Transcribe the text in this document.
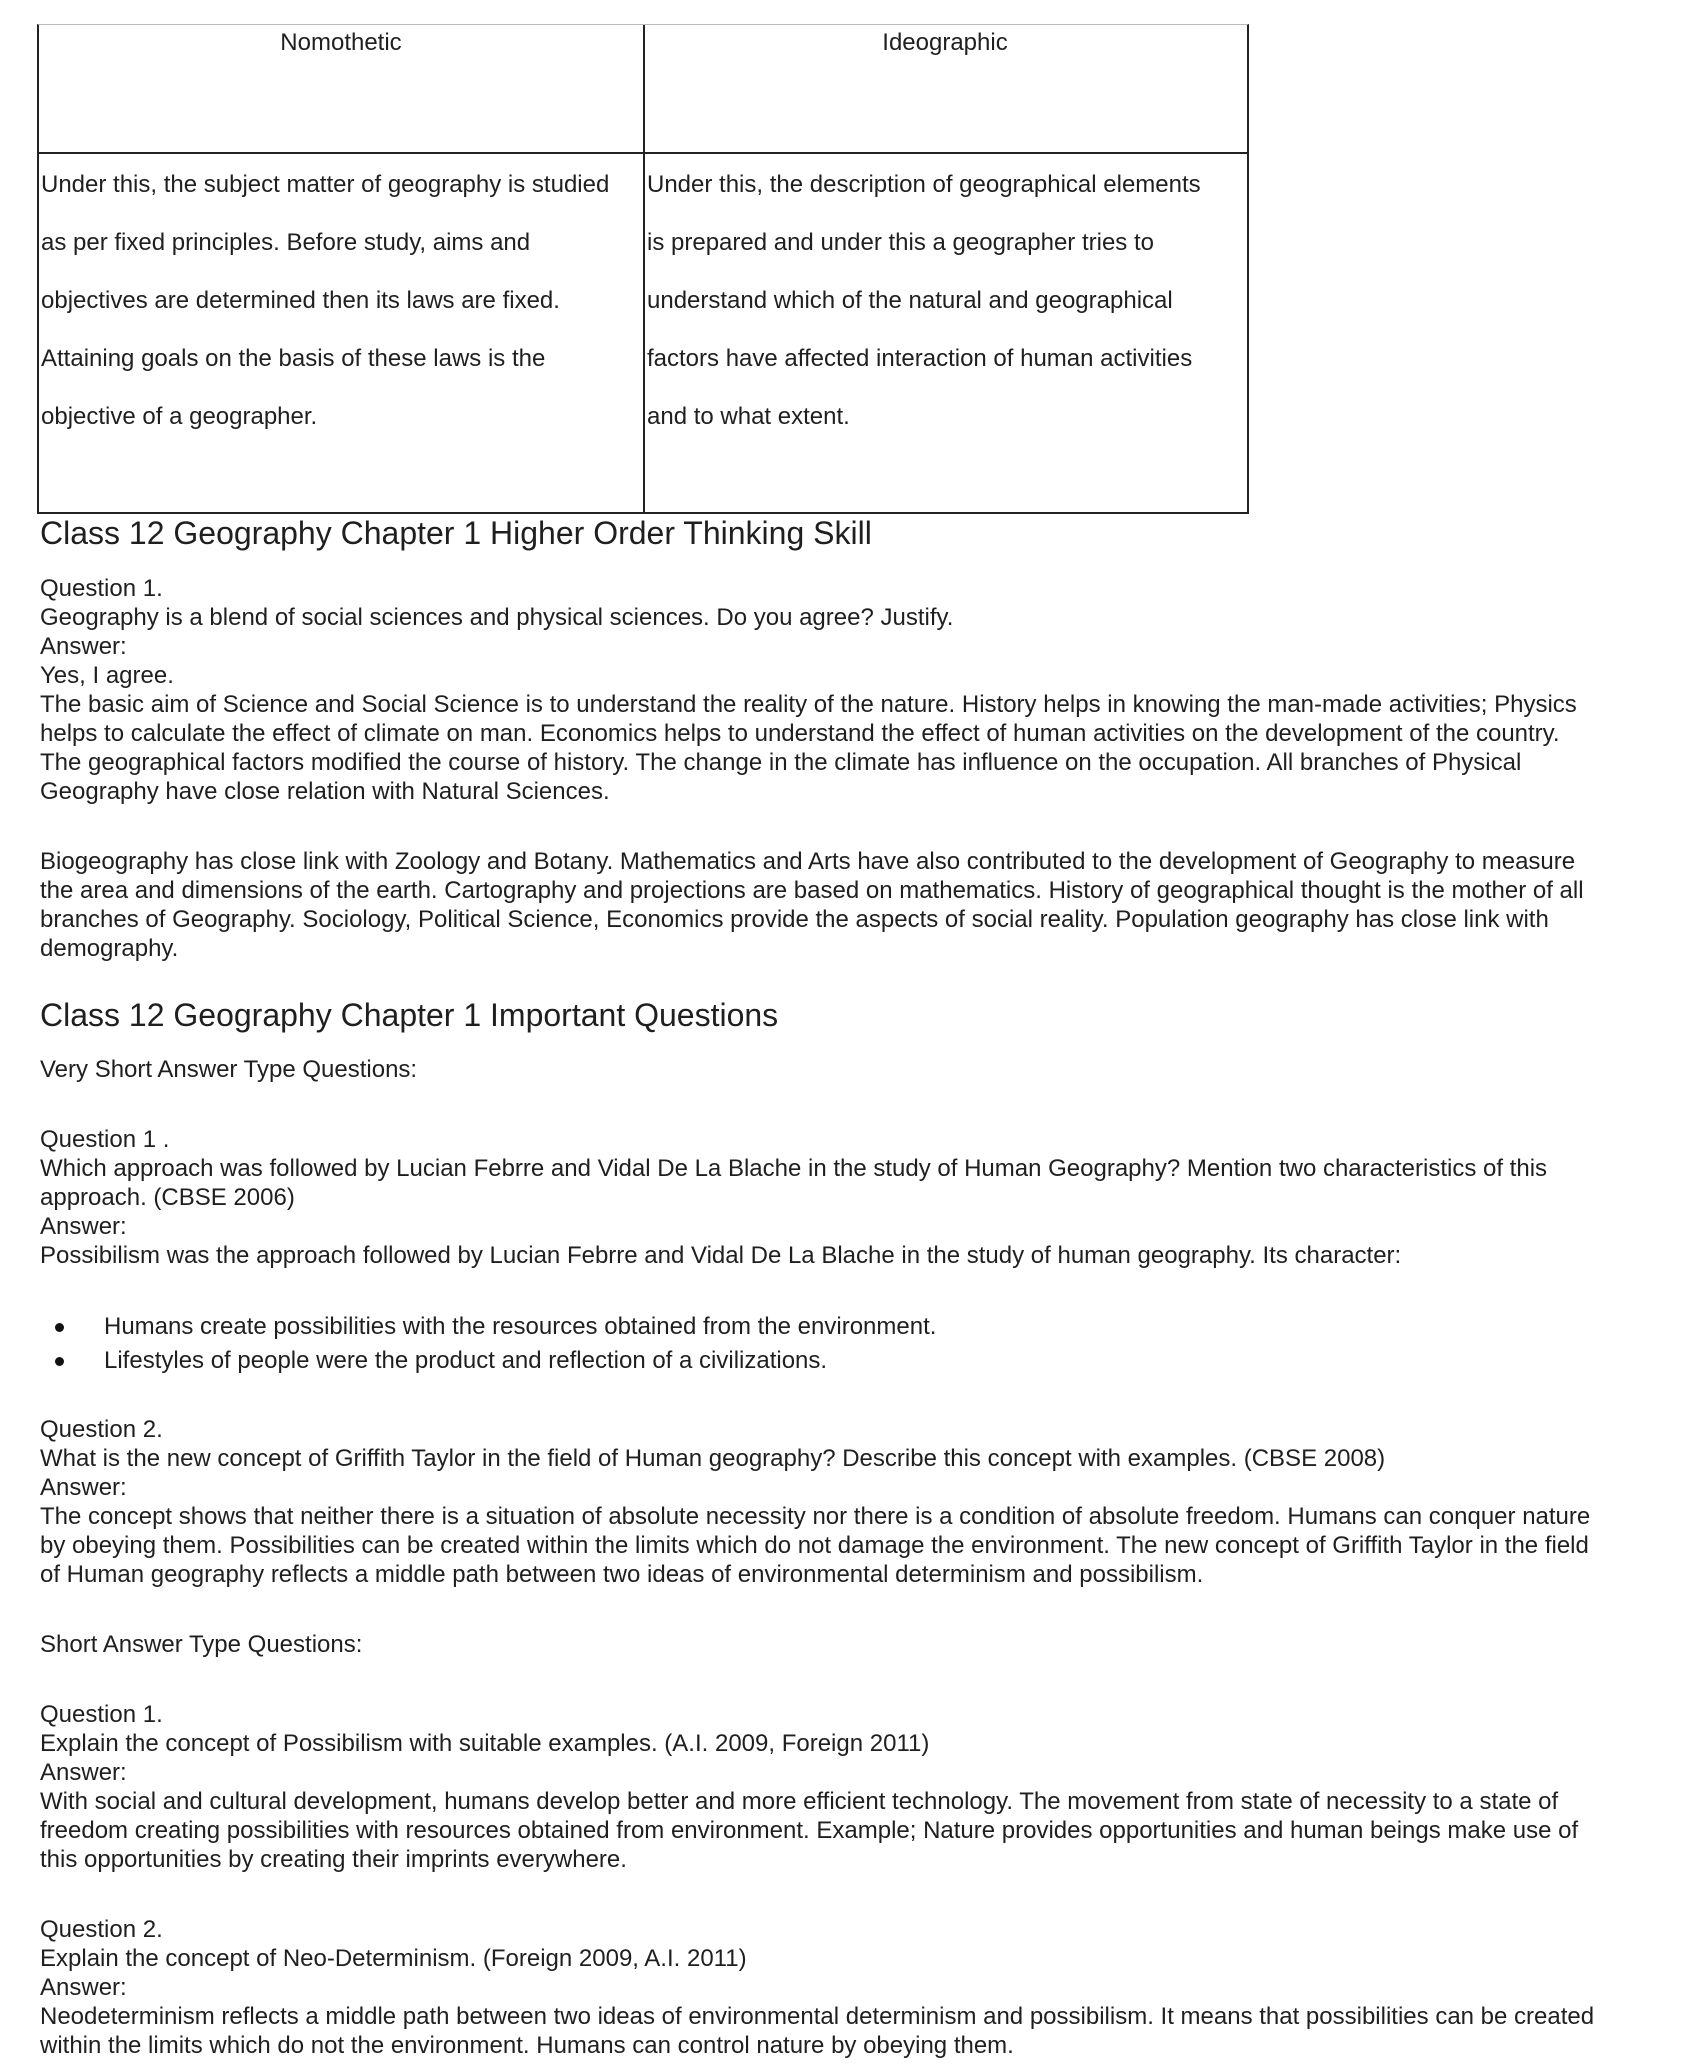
Nomothetic	Ideographic
Under this, the subject matter of geography is studied
as per fixed principles. Before study, aims and
objectives are determined then its laws are fixed.
Attaining goals on the basis of these laws is the
objective of a geographer.
Under this, the description of geographical elements
is prepared and under this a geographer tries to
understand which of the natural and geographical
factors have affected interaction of human activities
and to what extent.
Class 12 Geography Chapter 1 Higher Order Thinking Skill

Question 1.

Geography is a blend of social sciences and physical sciences. Do you agree? Justify.

Answer:

Yes, I agree.

The basic aim of Science and Social Science is to understand the reality of the nature. History helps in knowing the man-made activities; Physics

helps to calculate the effect of climate on man. Economics helps to understand the effect of human activities on the development of the country.

The geographical factors modified the course of history. The change in the climate has influence on the occupation. All branches of Physical

Geography have close relation with Natural Sciences.

Biogeography has close link with Zoology and Botany. Mathematics and Arts have also contributed to the development of Geography to measure

the area and dimensions of the earth. Cartography and projections are based on mathematics. History of geographical thought is the mother of all

branches of Geography. Sociology, Political Science, Economics provide the aspects of social reality. Population geography has close link with

demography.

Class 12 Geography Chapter 1 Important Questions

Very Short Answer Type Questions:

Question 1 .

Which approach was followed by Lucian Febrre and Vidal De La Blache in the study of Human Geography? Mention two characteristics of this

approach. (CBSE 2006)

Answer:

Possibilism was the approach followed by Lucian Febrre and Vidal De La Blache in the study of human geography. Its character:

Humans create possibilities with the resources obtained from the environment.
Lifestyles of people were the product and reflection of a civilizations.

Question 2.

What is the new concept of Griffith Taylor in the field of Human geography? Describe this concept with examples. (CBSE 2008)

Answer:

The concept shows that neither there is a situation of absolute necessity nor there is a condition of absolute freedom. Humans can conquer nature

by obeying them. Possibilities can be created within the limits which do not damage the environment. The new concept of Griffith Taylor in the field

of Human geography reflects a middle path between two ideas of environmental determinism and possibilism.

Short Answer Type Questions:

Question 1.

Explain the concept of Possibilism with suitable examples. (A.I. 2009, Foreign 2011)

Answer:

With social and cultural development, humans develop better and more efficient technology. The movement from state of necessity to a state of

freedom creating possibilities with resources obtained from environment. Example; Nature provides opportunities and human beings make use of

this opportunities by creating their imprints everywhere.

Question 2.

Explain the concept of Neo-Determinism. (Foreign 2009, A.I. 2011)

Answer:

Neodeterminism reflects a middle path between two ideas of environmental determinism and possibilism. It means that possibilities can be created

within the limits which do not the environment. Humans can control nature by obeying them.
